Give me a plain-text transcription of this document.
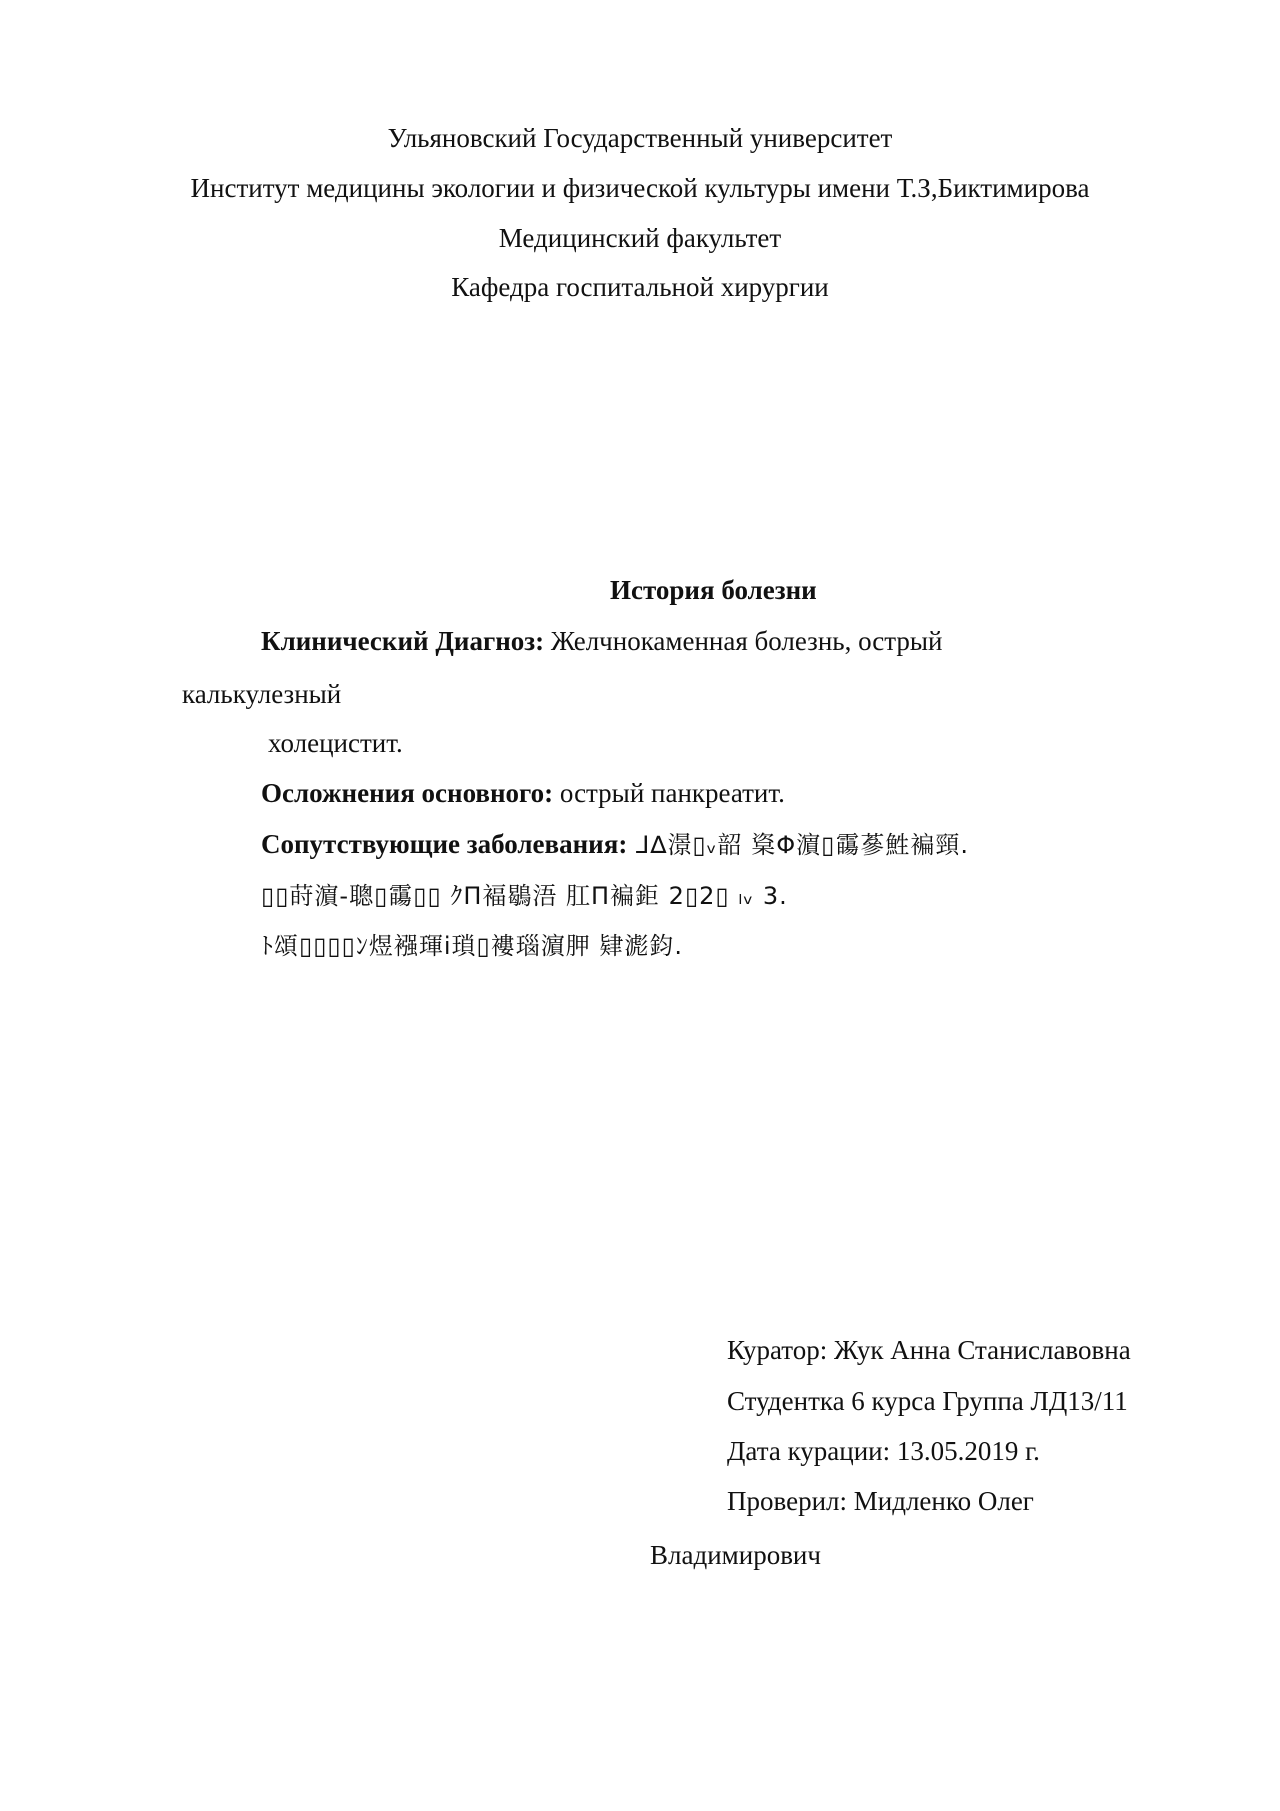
Ульяновский Государственный университет
Институт медицины экологии и физической культуры имени Т.З,Биктимирова
Медицинский факультет
Кафедра госпитальной хирургии
История болезни
Клинический Диагноз: Желчнокаменная болезнь, острый
калькулезный
холецистит.
Осложнения основного: острый панкреатит.
Сопутствующие заболевания: ⅃∆澋▯ᵥ韶 楶Φ濵▯霷蔘鮏褊頸.
▯▯莳濵-聰▯霷▯▯ ｸΠ褔鶡浯 肛Π褊鉅 2▯2▯ ₗᵥ 3.
ﾄ頌▯▯▯▯ﾝ煜襁琿ⅰ瑣▯褸瑙濵胛 肄滮鈞.
Куратор: Жук Анна Станиславовна
Студентка 6 курса Группа ЛД13/11
Дата курации: 13.05.2019 г.
Проверил: Мидленко Олег
Владимирович
